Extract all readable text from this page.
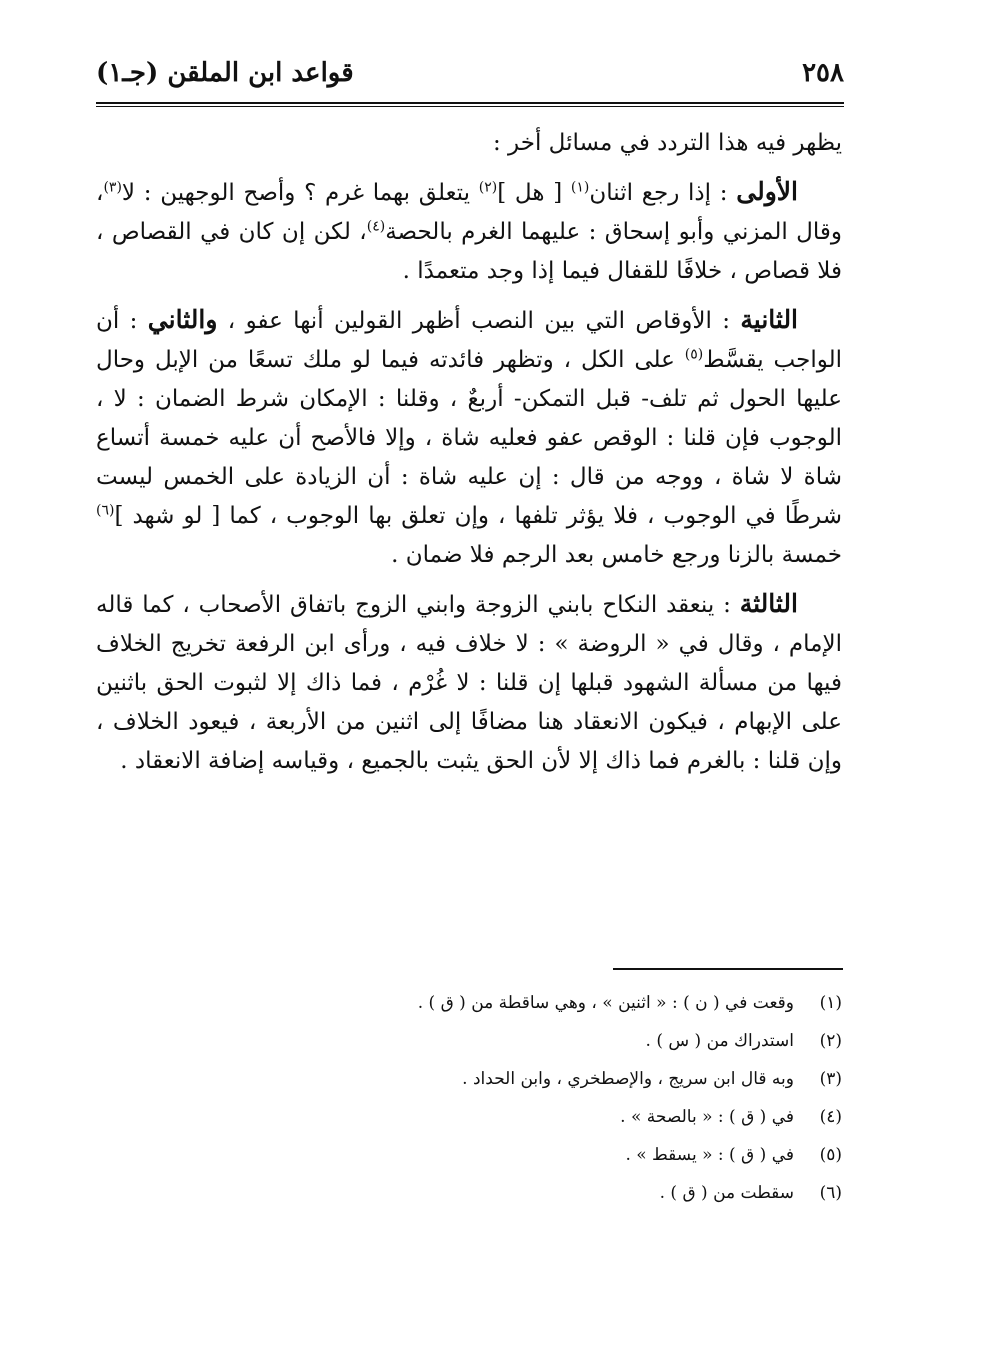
٢٥٨
قواعد ابن الملقن (جـ١)

يظهر فيه هذا التردد في مسائل أخر :

الأولى : إذا رجع اثنان$^{(١)}$ [ هل ]$^{(٢)}$ يتعلق بهما غرم ؟ وأصح الوجهين : لا$^{(٣)}$، وقال المزني وأبو إسحاق : عليهما الغرم بالحصة$^{(٤)}$، لكن إن كان في القصاص ، فلا قصاص ، خلافًا للقفال فيما إذا وجد متعمدًا .

الثانية : الأوقاص التي بين النصب أظهر القولين أنها عفو ، والثاني : أن الواجب يقسَّط$^{(٥)}$ على الكل ، وتظهر فائدته فيما لو ملك تسعًا من الإبل وحال عليها الحول ثم تلف- قبل التمكن- أربعٌ ، وقلنا : الإمكان شرط الضمان : لا ، الوجوب فإن قلنا : الوقص عفو فعليه شاة ، وإلا فالأصح أن عليه خمسة أتساع شاة لا شاة ، ووجه من قال : إن عليه شاة : أن الزيادة على الخمس ليست شرطًا في الوجوب ، فلا يؤثر تلفها ، وإن تعلق بها الوجوب ، كما [ لو شهد ]$^{(٦)}$ خمسة بالزنا ورجع خامس بعد الرجم فلا ضمان .

الثالثة : ينعقد النكاح بابني الزوجة وابني الزوج باتفاق الأصحاب ، كما قاله الإمام ، وقال في « الروضة » : لا خلاف فيه ، ورأى ابن الرفعة تخريج الخلاف فيها من مسألة الشهود قبلها إن قلنا : لا غُرْم ، فما ذاك إلا لثبوت الحق باثنين على الإبهام ، فيكون الانعقاد هنا مضافًا إلى اثنين من الأربعة ، فيعود الخلاف ، وإن قلنا : بالغرم فما ذاك إلا لأن الحق يثبت بالجميع ، وقياسه إضافة الانعقاد .

(١)
وقعت في ( ن ) : « اثنين » ، وهي ساقطة من ( ق ) .
(٢)
استدراك من ( س ) .
(٣)
وبه قال ابن سريج ، والإصطخري ، وابن الحداد .
(٤)
في ( ق ) : « بالصحة » .
(٥)
في ( ق ) : « يسقط » .
(٦)
سقطت من ( ق ) .
